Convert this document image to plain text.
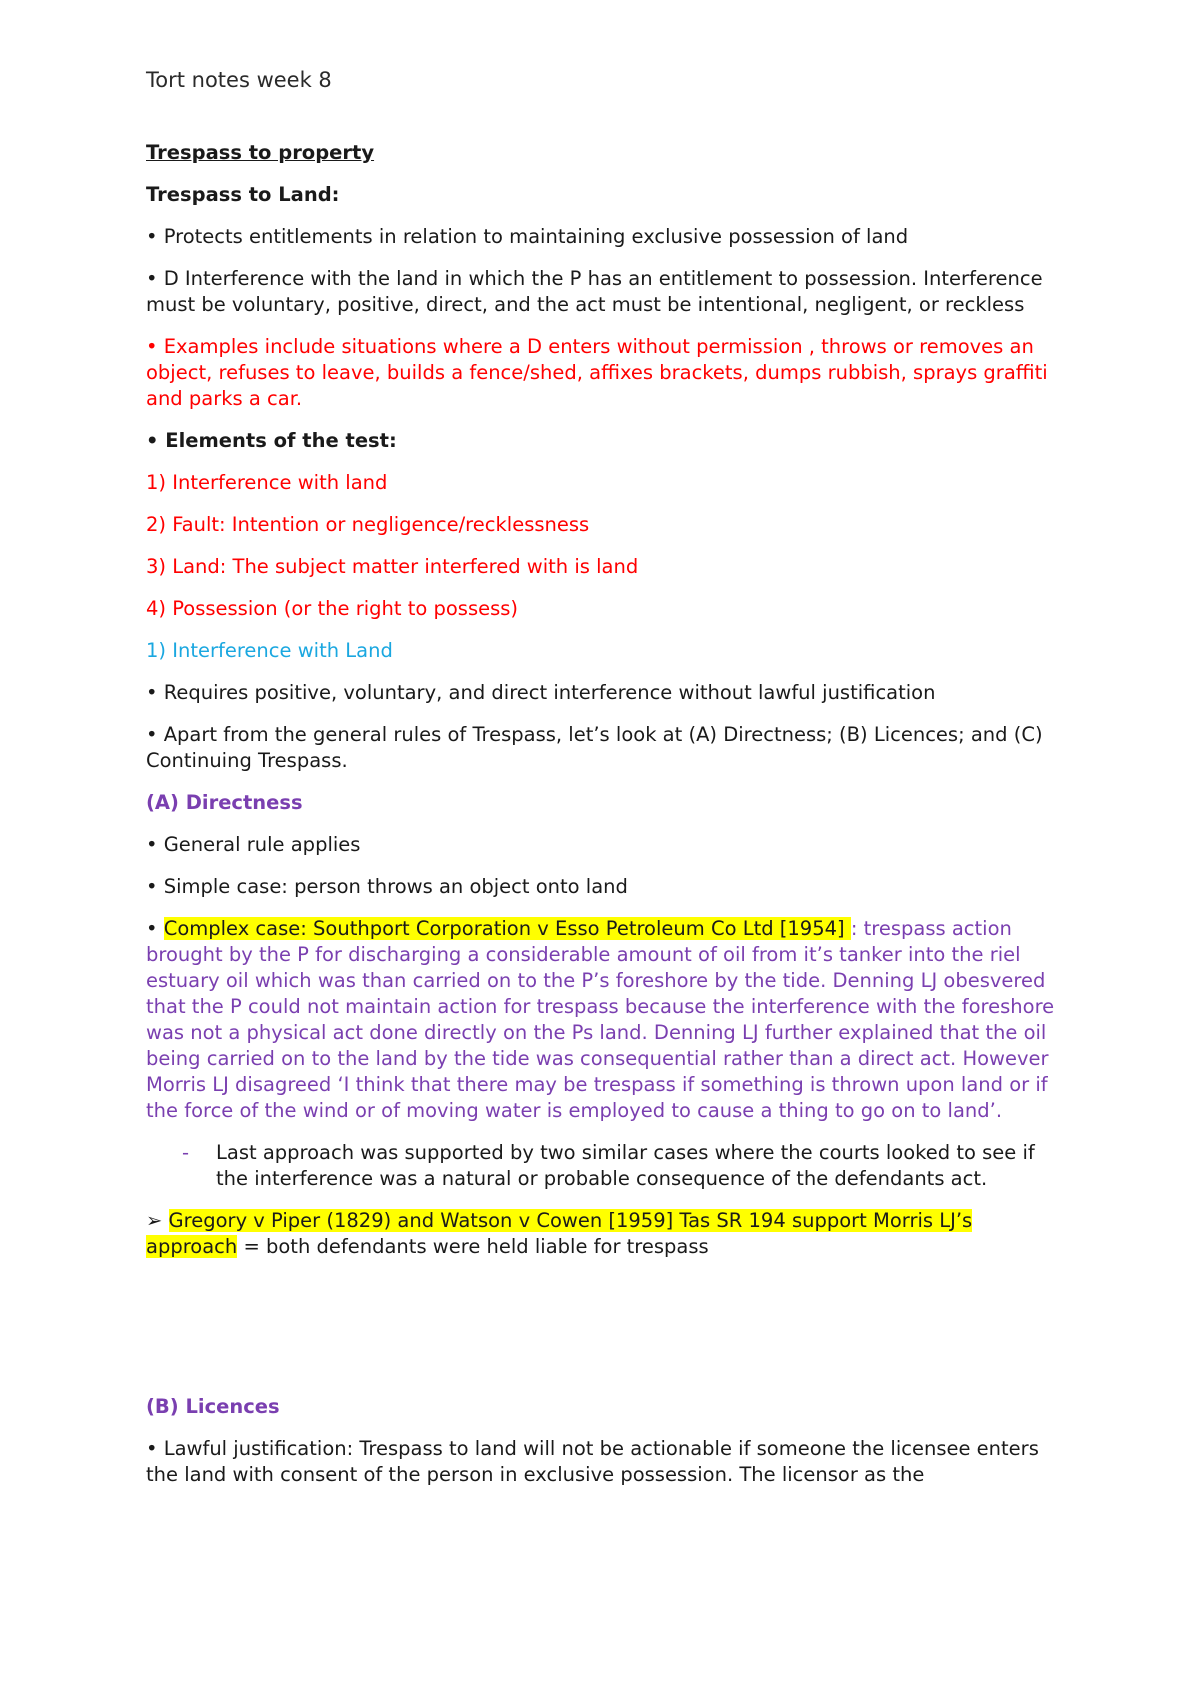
Tort notes week 8

Trespass to property

Trespass to Land:

• Protects entitlements in relation to maintaining exclusive possession of land

• D Interference with the land in which the P has an entitlement to possession. Interference must be voluntary, positive, direct, and the act must be intentional, negligent, or reckless

• Examples include situations where a D enters without permission , throws or removes an object, refuses to leave, builds a fence/shed, affixes brackets, dumps rubbish, sprays graffiti and parks a car.

• Elements of the test:

1) Interference with land

2) Fault: Intention or negligence/recklessness

3) Land: The subject matter interfered with is land

4) Possession (or the right to possess)

1) Interference with Land

• Requires positive, voluntary, and direct interference without lawful justification

• Apart from the general rules of Trespass, let’s look at (A) Directness; (B) Licences; and (C) Continuing Trespass.

(A) Directness

• General rule applies

• Simple case: person throws an object onto land

• Complex case: Southport Corporation v Esso Petroleum Co Ltd [1954] : trespass action brought by the P for discharging a considerable amount of oil from it’s tanker into the riel estuary oil which was than carried on to the P’s foreshore by the tide. Denning LJ obesvered that the P could not maintain action for trespass because the interference with the foreshore was not a physical act done directly on the Ps land. Denning LJ further explained that the oil being carried on to the land by the tide was consequential rather than a direct act. However Morris LJ disagreed ‘I think that there may be trespass if something is thrown upon land or if the force of the wind or of moving water is employed to cause a thing to go on to land’.

- Last approach was supported by two similar cases where the courts looked to see if the interference was a natural or probable consequence of the defendants act.

➢ Gregory v Piper (1829) and Watson v Cowen [1959] Tas SR 194 support Morris LJ’s approach = both defendants were held liable for trespass

(B) Licences

• Lawful justification: Trespass to land will not be actionable if someone the licensee enters the land with consent of the person in exclusive possession. The licensor as the
